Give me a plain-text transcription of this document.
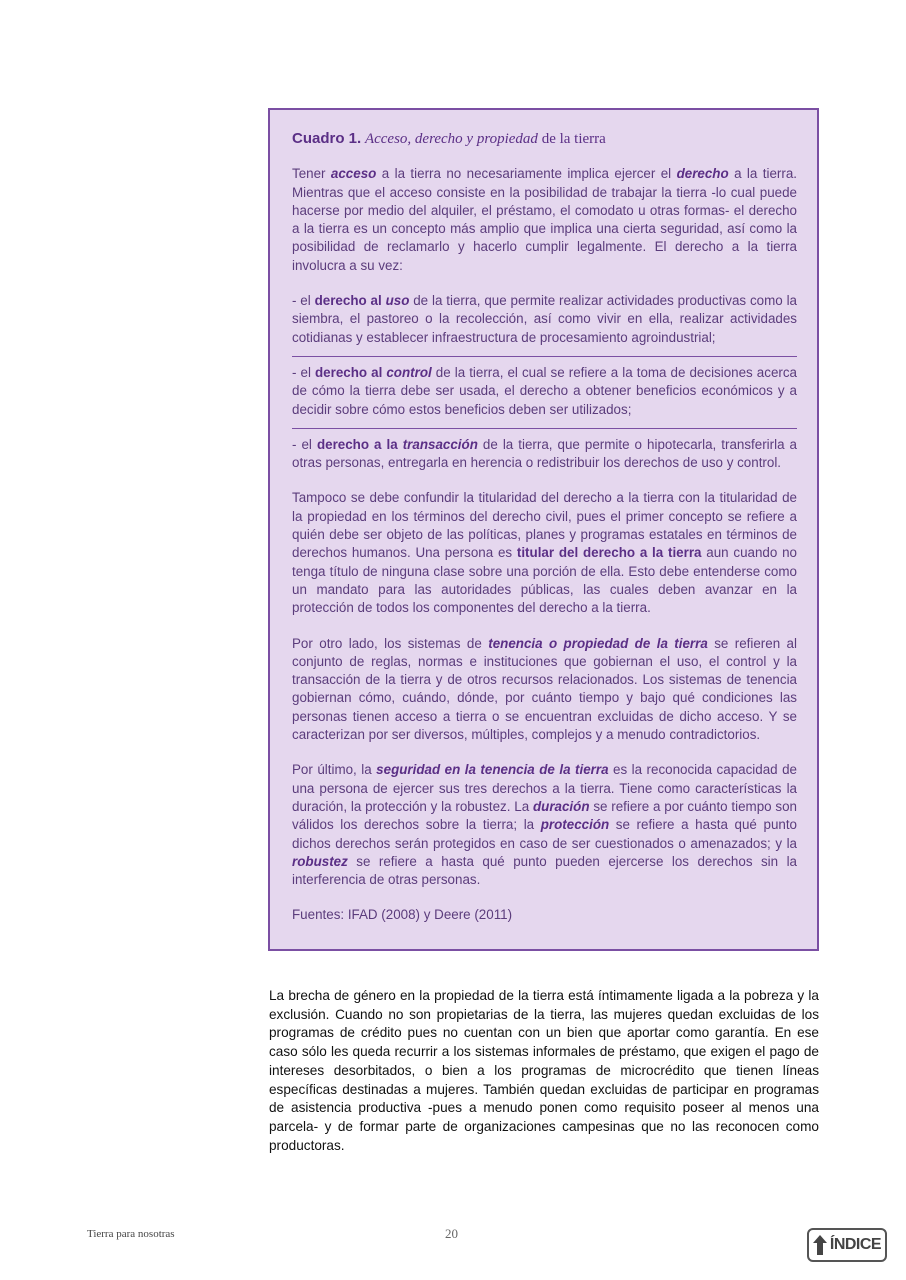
Cuadro 1. Acceso, derecho y propiedad de la tierra

Tener acceso a la tierra no necesariamente implica ejercer el derecho a la tierra. Mientras que el acceso consiste en la posibilidad de trabajar la tierra -lo cual puede hacerse por medio del alquiler, el préstamo, el comodato u otras formas- el derecho a la tierra es un concepto más amplio que implica una cierta seguridad, así como la posibilidad de reclamarlo y hacerlo cumplir legalmente. El derecho a la tierra involucra a su vez:

- el derecho al uso de la tierra, que permite realizar actividades productivas como la siembra, el pastoreo o la recolección, así como vivir en ella, realizar actividades cotidianas y establecer infraestructura de procesamiento agroindustrial;

- el derecho al control de la tierra, el cual se refiere a la toma de decisiones acerca de cómo la tierra debe ser usada, el derecho a obtener beneficios económicos y a decidir sobre cómo estos beneficios deben ser utilizados;

- el derecho a la transacción de la tierra, que permite o hipotecarla, transferirla a otras personas, entregarla en herencia o redistribuir los derechos de uso y control.

Tampoco se debe confundir la titularidad del derecho a la tierra con la titularidad de la propiedad en los términos del derecho civil, pues el primer concepto se refiere a quién debe ser objeto de las políticas, planes y programas estatales en términos de derechos humanos. Una persona es titular del derecho a la tierra aun cuando no tenga título de ninguna clase sobre una porción de ella. Esto debe entenderse como un mandato para las autoridades públicas, las cuales deben avanzar en la protección de todos los componentes del derecho a la tierra.

Por otro lado, los sistemas de tenencia o propiedad de la tierra se refieren al conjunto de reglas, normas e instituciones que gobiernan el uso, el control y la transacción de la tierra y de otros recursos relacionados. Los sistemas de tenencia gobiernan cómo, cuándo, dónde, por cuánto tiempo y bajo qué condiciones las personas tienen acceso a tierra o se encuentran excluidas de dicho acceso. Y se caracterizan por ser diversos, múltiples, complejos y a menudo contradictorios.

Por último, la seguridad en la tenencia de la tierra es la reconocida capacidad de una persona de ejercer sus tres derechos a la tierra. Tiene como características la duración, la protección y la robustez. La duración se refiere a por cuánto tiempo son válidos los derechos sobre la tierra; la protección se refiere a hasta qué punto dichos derechos serán protegidos en caso de ser cuestionados o amenazados; y la robustez se refiere a hasta qué punto pueden ejercerse los derechos sin la interferencia de otras personas.

Fuentes: IFAD (2008) y Deere (2011)

La brecha de género en la propiedad de la tierra está íntimamente ligada a la pobreza y la exclusión. Cuando no son propietarias de la tierra, las mujeres quedan excluidas de los programas de crédito pues no cuentan con un bien que aportar como garantía. En ese caso sólo les queda recurrir a los sistemas informales de préstamo, que exigen el pago de intereses desorbitados, o bien a los programas de microcrédito que tienen líneas específicas destinadas a mujeres. También quedan excluidas de participar en programas de asistencia productiva -pues a menudo ponen como requisito poseer al menos una parcela- y de formar parte de organizaciones campesinas que no las reconocen como productoras.
Tierra para nosotras	20
ÍNDICE
